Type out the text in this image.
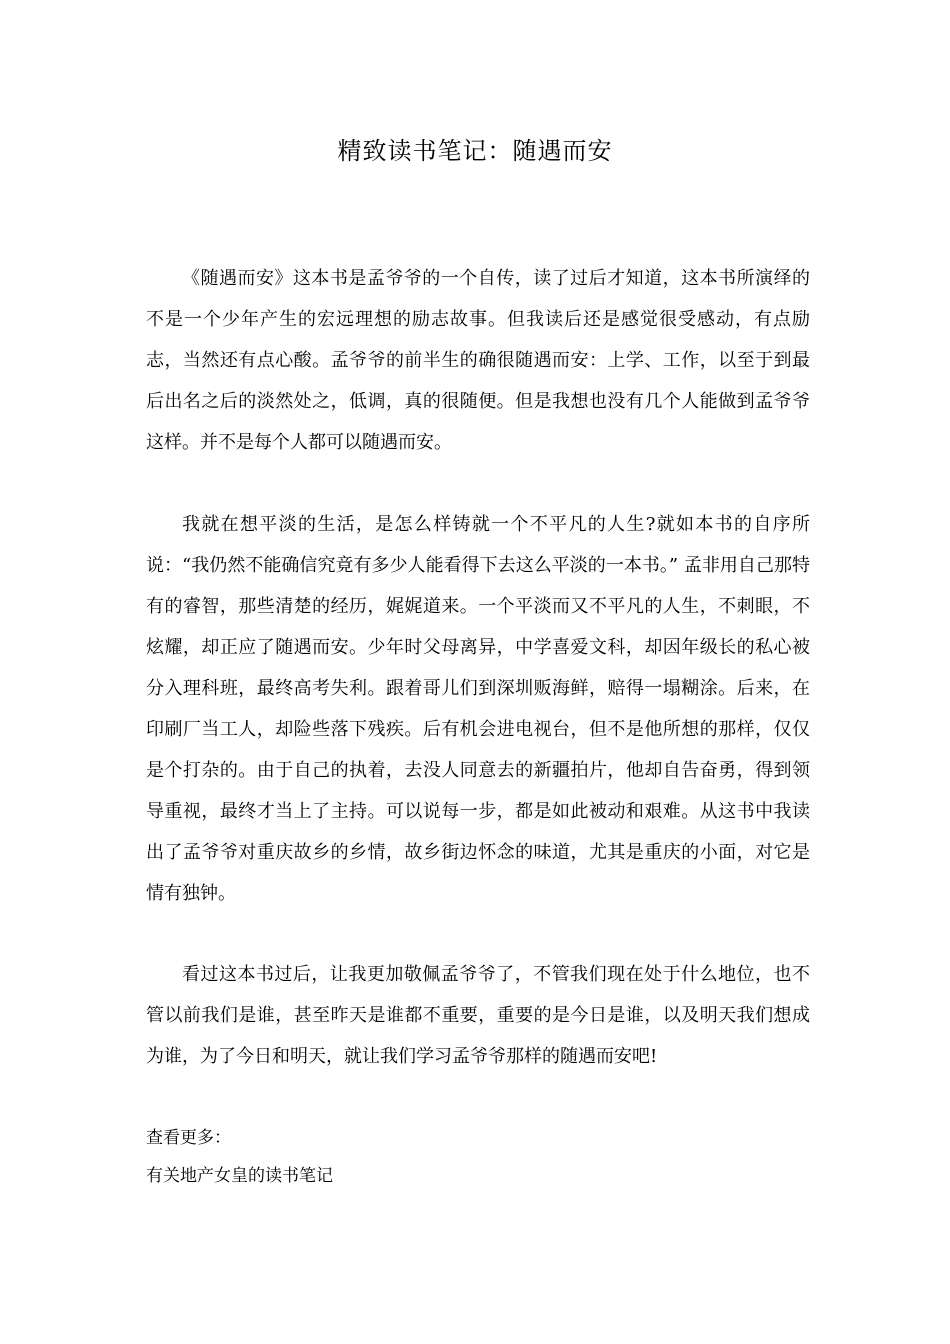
精致读书笔记：随遇而安

《随遇而安》这本书是孟爷爷的一个自传，读了过后才知道，这本书所演绎的不是一个少年产生的宏远理想的励志故事。但我读后还是感觉很受感动，有点励志，当然还有点心酸。孟爷爷的前半生的确很随遇而安：上学、工作，以至于到最后出名之后的淡然处之，低调，真的很随便。但是我想也没有几个人能做到孟爷爷这样。并不是每个人都可以随遇而安。

我就在想平淡的生活，是怎么样铸就一个不平凡的人生?就如本书的自序所说：“我仍然不能确信究竟有多少人能看得下去这么平淡的一本书。” 孟非用自己那特有的睿智，那些清楚的经历，娓娓道来。一个平淡而又不平凡的人生，不刺眼，不炫耀，却正应了随遇而安。少年时父母离异，中学喜爱文科，却因年级长的私心被分入理科班，最终高考失利。跟着哥儿们到深圳贩海鲜，赔得一塌糊涂。后来，在印刷厂当工人，却险些落下残疾。后有机会进电视台，但不是他所想的那样，仅仅是个打杂的。由于自己的执着，去没人同意去的新疆拍片，他却自告奋勇，得到领导重视，最终才当上了主持。可以说每一步，都是如此被动和艰难。从这书中我读出了孟爷爷对重庆故乡的乡情，故乡街边怀念的味道，尤其是重庆的小面，对它是情有独钟。

看过这本书过后，让我更加敬佩孟爷爷了，不管我们现在处于什么地位，也不管以前我们是谁，甚至昨天是谁都不重要，重要的是今日是谁，以及明天我们想成为谁，为了今日和明天，就让我们学习孟爷爷那样的随遇而安吧!

查看更多：

有关地产女皇的读书笔记
